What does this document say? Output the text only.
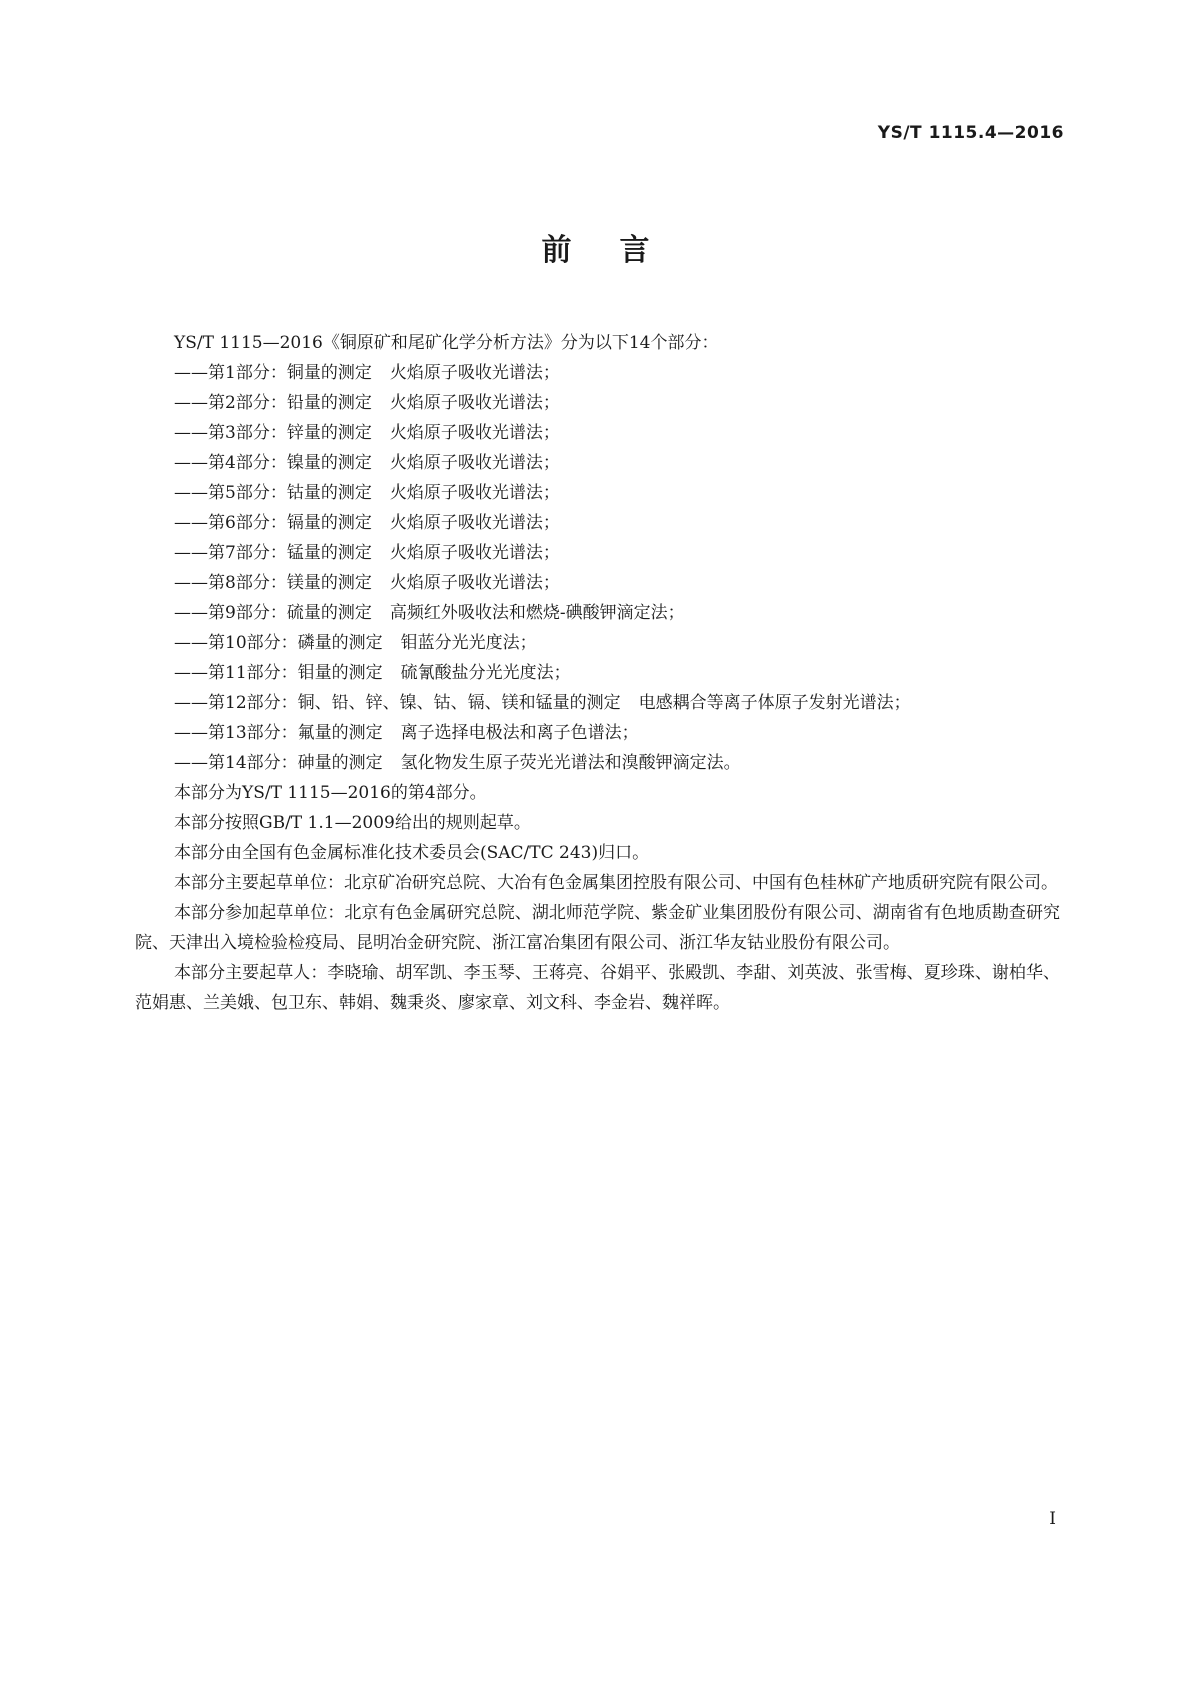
YS/T 1115.4—2016
前言
YS/T 1115—2016《铜原矿和尾矿化学分析方法》分为以下14个部分：
——第1部分：铜量的测定 火焰原子吸收光谱法；
——第2部分：铅量的测定 火焰原子吸收光谱法；
——第3部分：锌量的测定 火焰原子吸收光谱法；
——第4部分：镍量的测定 火焰原子吸收光谱法；
——第5部分：钴量的测定 火焰原子吸收光谱法；
——第6部分：镉量的测定 火焰原子吸收光谱法；
——第7部分：锰量的测定 火焰原子吸收光谱法；
——第8部分：镁量的测定 火焰原子吸收光谱法；
——第9部分：硫量的测定 高频红外吸收法和燃烧-碘酸钾滴定法；
——第10部分：磷量的测定 钼蓝分光光度法；
——第11部分：钼量的测定 硫氰酸盐分光光度法；
——第12部分：铜、铅、锌、镍、钴、镉、镁和锰量的测定 电感耦合等离子体原子发射光谱法；
——第13部分：氟量的测定 离子选择电极法和离子色谱法；
——第14部分：砷量的测定 氢化物发生原子荧光光谱法和溴酸钾滴定法。
本部分为YS/T 1115—2016的第4部分。
本部分按照GB/T 1.1—2009给出的规则起草。
本部分由全国有色金属标准化技术委员会(SAC/TC 243)归口。
本部分主要起草单位：北京矿冶研究总院、大冶有色金属集团控股有限公司、中国有色桂林矿产地质研究院有限公司。
本部分参加起草单位：北京有色金属研究总院、湖北师范学院、紫金矿业集团股份有限公司、湖南省有色地质勘查研究院、天津出入境检验检疫局、昆明冶金研究院、浙江富冶集团有限公司、浙江华友钴业股份有限公司。
本部分主要起草人：李晓瑜、胡军凯、李玉琴、王蒋亮、谷娟平、张殿凯、李甜、刘英波、张雪梅、夏珍珠、谢柏华、范娟惠、兰美娥、包卫东、韩娟、魏秉炎、廖家章、刘文科、李金岩、魏祥晖。
I
